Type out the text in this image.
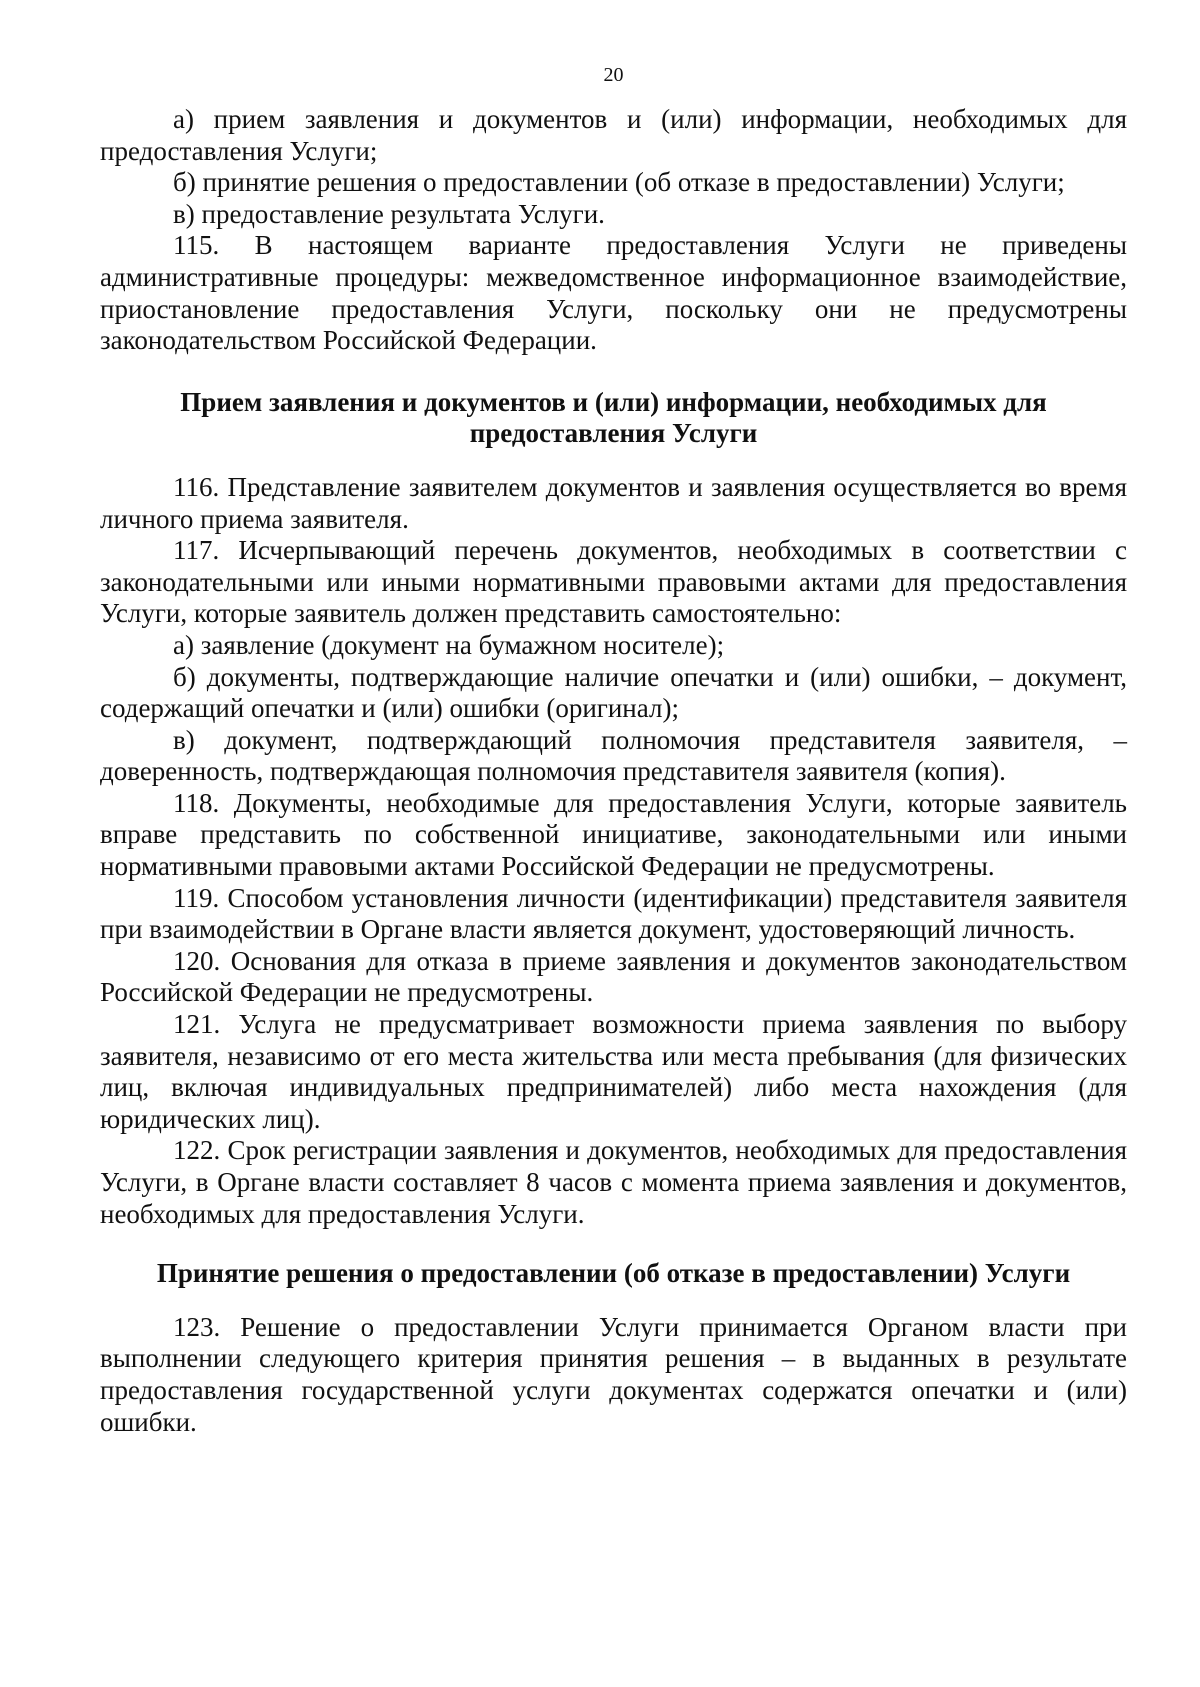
20

а) прием заявления и документов и (или) информации, необходимых для предоставления Услуги;

б) принятие решения о предоставлении (об отказе в предоставлении) Услуги;

в) предоставление результата Услуги.

115. В настоящем варианте предоставления Услуги не приведены административные процедуры: межведомственное информационное взаимодействие, приостановление предоставления Услуги, поскольку они не предусмотрены законодательством Российской Федерации.

Прием заявления и документов и (или) информации, необходимых для предоставления Услуги

116. Представление заявителем документов и заявления осуществляется во время личного приема заявителя.

117. Исчерпывающий перечень документов, необходимых в соответствии с законодательными или иными нормативными правовыми актами для предоставления Услуги, которые заявитель должен представить самостоятельно:

а) заявление (документ на бумажном носителе);

б) документы, подтверждающие наличие опечатки и (или) ошибки, – документ, содержащий опечатки и (или) ошибки (оригинал);

в) документ, подтверждающий полномочия представителя заявителя, – доверенность, подтверждающая полномочия представителя заявителя (копия).

118. Документы, необходимые для предоставления Услуги, которые заявитель вправе представить по собственной инициативе, законодательными или иными нормативными правовыми актами Российской Федерации не предусмотрены.

119. Способом установления личности (идентификации) представителя заявителя при взаимодействии в Органе власти является документ, удостоверяющий личность.

120. Основания для отказа в приеме заявления и документов законодательством Российской Федерации не предусмотрены.

121. Услуга не предусматривает возможности приема заявления по выбору заявителя, независимо от его места жительства или места пребывания (для физических лиц, включая индивидуальных предпринимателей) либо места нахождения (для юридических лиц).

122. Срок регистрации заявления и документов, необходимых для предоставления Услуги, в Органе власти составляет 8 часов с момента приема заявления и документов, необходимых для предоставления Услуги.

Принятие решения о предоставлении (об отказе в предоставлении) Услуги

123. Решение о предоставлении Услуги принимается Органом власти при выполнении следующего критерия принятия решения – в выданных в результате предоставления государственной услуги документах содержатся опечатки и (или) ошибки.
